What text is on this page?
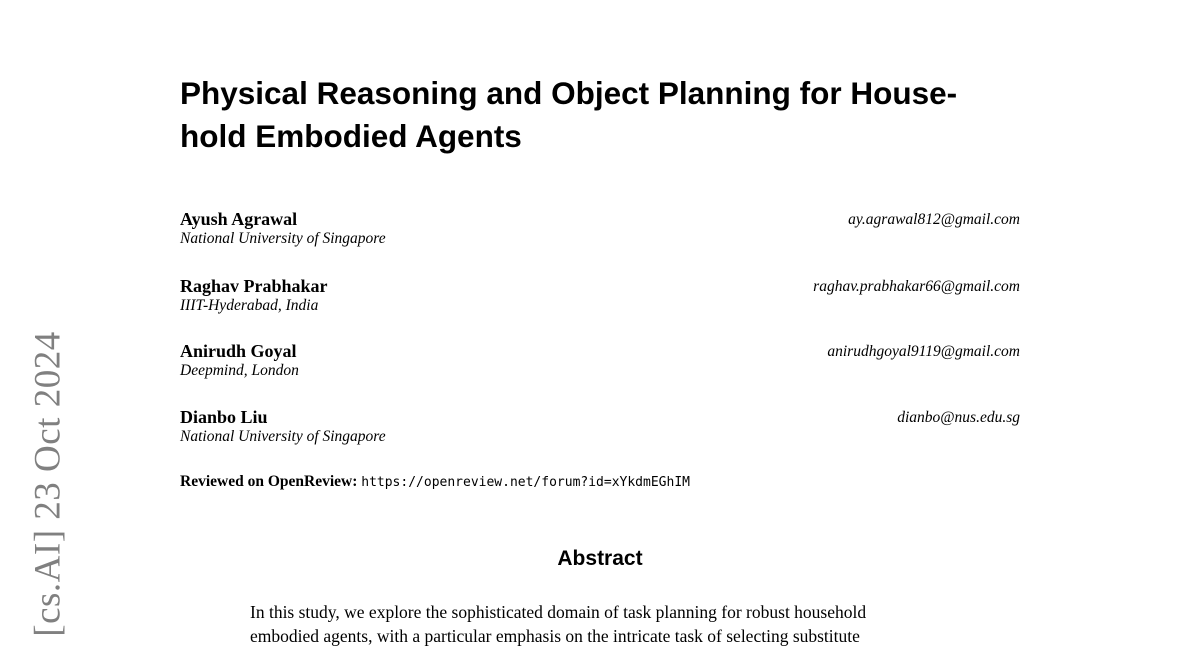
[cs.AI] 23 Oct 2024
Physical Reasoning and Object Planning for House-
hold Embodied Agents
Ayush Agrawal
National University of Singapore
ay.agrawal812@gmail.com
Raghav Prabhakar
IIIT-Hyderabad, India
raghav.prabhakar66@gmail.com
Anirudh Goyal
Deepmind, London
anirudhgoyal9119@gmail.com
Dianbo Liu
National University of Singapore
dianbo@nus.edu.sg
Reviewed on OpenReview: https://openreview.net/forum?id=xYkdmEGhIM
Abstract
In this study, we explore the sophisticated domain of task planning for robust household
embodied agents, with a particular emphasis on the intricate task of selecting substitute
